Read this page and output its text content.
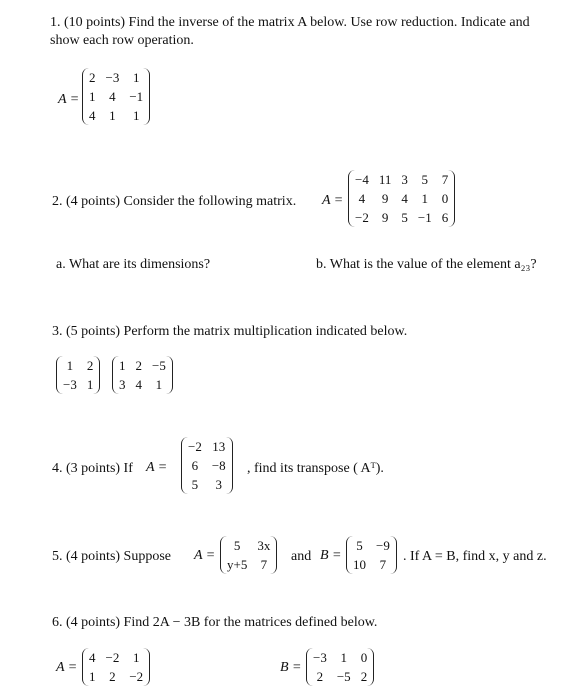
1. (10 points) Find the inverse of the matrix A below. Use row reduction. Indicate and
show each row operation.
A =
2	−3	1
1	4	−1
4	1	1
2. (4 points) Consider the following matrix. A =
−4	11	3	5	7
4	9	4	1	0
−2	9	5	−1	6
a. What are its dimensions?	b. What is the value of the element a₂₃?
3. (5 points) Perform the matrix multiplication indicated below.
1	2
−3	1
1	2	−5
3	4	1
4. (3 points) If A =
−2	13
6	−8
5	3
, find its transpose ( Aᵀ).
5. (4 points) Suppose A =
5	3x
y+5	7 and B =
5	−9
10	7 . If A = B, find x, y and z.
6. (4 points) Find 2A − 3B for the matrices defined below.
A =
4	−2	1
1	2	−2
B =
−3	1	0
2	−5	2
